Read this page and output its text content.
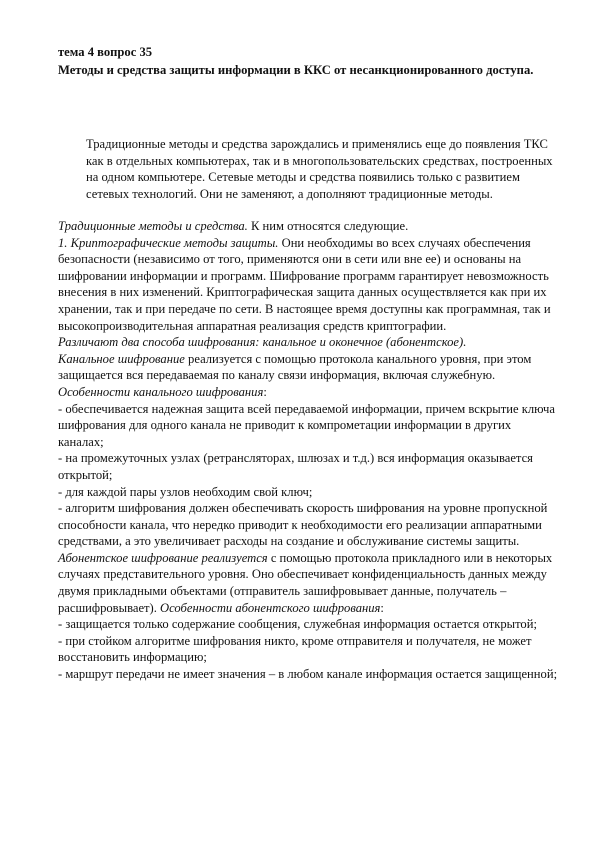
тема 4 вопрос 35

Методы и средства защиты информации в ККС от несанкционированного доступа.

Традиционные методы и средства зарождались и применялись еще до появления ТКС как в отдельных компьютерах, так и в многопользовательских средствах, построенных на одном компьютере. Сетевые методы и средства появились только с развитием сетевых технологий. Они не заменяют, а дополняют традиционные методы.

Традиционные методы и средства. К ним относятся следующие.

1. Криптографические методы защиты. Они необходимы во всех случаях обеспечения безопасности (независимо от того, применяются они в сети или вне ее) и основаны на шифровании информации и программ. Шифрование программ гарантирует невозможность внесения в них изменений. Криптографическая защита данных осуществляется как при их хранении, так и при передаче по сети. В настоящее время доступны как программная, так и высокопроизводительная аппаратная реализация средств криптографии.

Различают два способа шифрования: канальное и оконечное (абонентское).

Канальное шифрование реализуется с помощью протокола канального уровня, при этом защищается вся передаваемая по каналу связи информация, включая служебную. Особенности канального шифрования:

- обеспечивается надежная защита всей передаваемой информации, причем вскрытие ключа шифрования для одного канала не приводит к компрометации информации в других каналах;

- на промежуточных узлах (ретрансляторах, шлюзах и т.д.) вся информация оказывается открытой;

- для каждой пары узлов необходим свой ключ;

- алгоритм шифрования должен обеспечивать скорость шифрования на уровне пропускной способности канала, что нередко приводит к необходимости его реализации аппаратными средствами, а это увеличивает расходы на создание и обслуживание системы защиты.

Абонентское шифрование реализуется с помощью протокола прикладного или в некоторых случаях представительного уровня. Оно обеспечивает конфиденциальность данных между двумя прикладными объектами (отправитель зашифровывает данные, получатель – расшифровывает). Особенности абонентского шифрования:

- защищается только содержание сообщения, служебная информация остается открытой;

- при стойком алгоритме шифрования никто, кроме отправителя и получателя, не может восстановить информацию;

- маршрут передачи не имеет значения – в любом канале информация остается защищенной;
